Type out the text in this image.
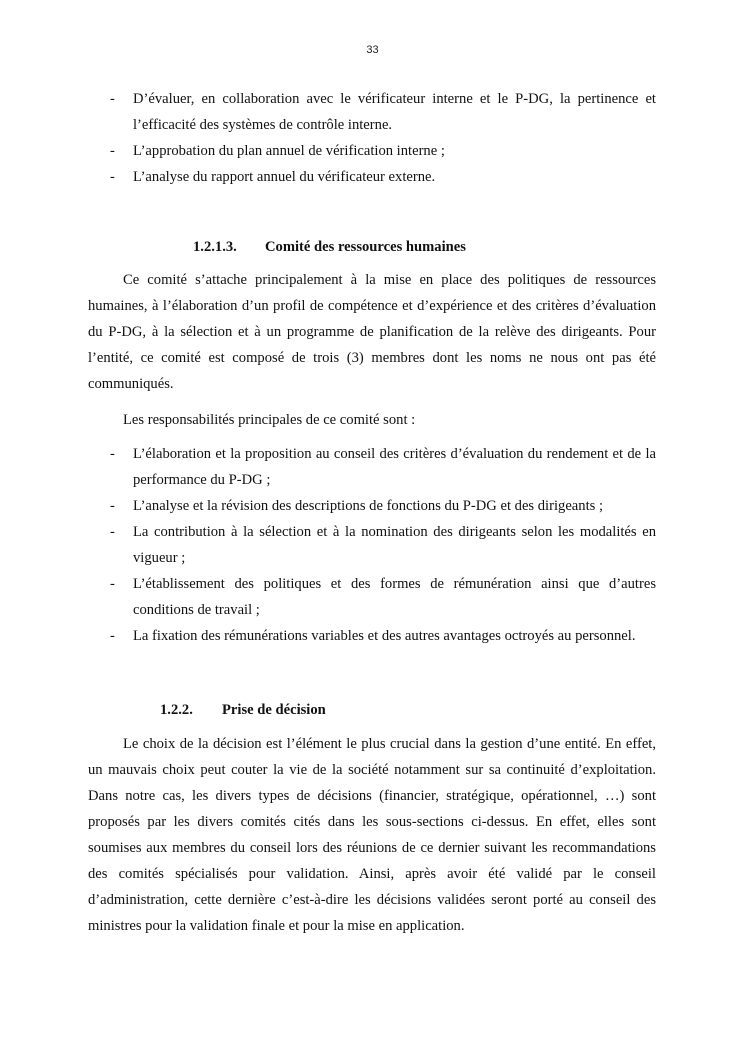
33
- D’évaluer, en collaboration avec le vérificateur interne et le P-DG, la pertinence et l’efficacité des systèmes de contrôle interne.
- L’approbation du plan annuel de vérification interne ;
- L’analyse du rapport annuel du vérificateur externe.
1.2.1.3. Comité des ressources humaines

Ce comité s’attache principalement à la mise en place des politiques de ressources humaines, à l’élaboration d’un profil de compétence et d’expérience et des critères d’évaluation du P-DG, à la sélection et à un programme de planification de la relève des dirigeants. Pour l’entité, ce comité est composé de trois (3) membres dont les noms ne nous ont pas été communiqués.

Les responsabilités principales de ce comité sont :

- L’élaboration et la proposition au conseil des critères d’évaluation du rendement et de la performance du P-DG ;
- L’analyse et la révision des descriptions de fonctions du P-DG et des dirigeants ;
- La contribution à la sélection et à la nomination des dirigeants selon les modalités en vigueur ;
- L’établissement des politiques et des formes de rémunération ainsi que d’autres conditions de travail ;
- La fixation des rémunérations variables et des autres avantages octroyés au personnel.
1.2.2. Prise de décision

Le choix de la décision est l’élément le plus crucial dans la gestion d’une entité. En effet, un mauvais choix peut couter la vie de la société notamment sur sa continuité d’exploitation. Dans notre cas, les divers types de décisions (financier, stratégique, opérationnel, …) sont proposés par les divers comités cités dans les sous-sections ci-dessus. En effet, elles sont soumises aux membres du conseil lors des réunions de ce dernier suivant les recommandations des comités spécialisés pour validation. Ainsi, après avoir été validé par le conseil d’administration, cette dernière c’est-à-dire les décisions validées seront porté au conseil des ministres pour la validation finale et pour la mise en application.
